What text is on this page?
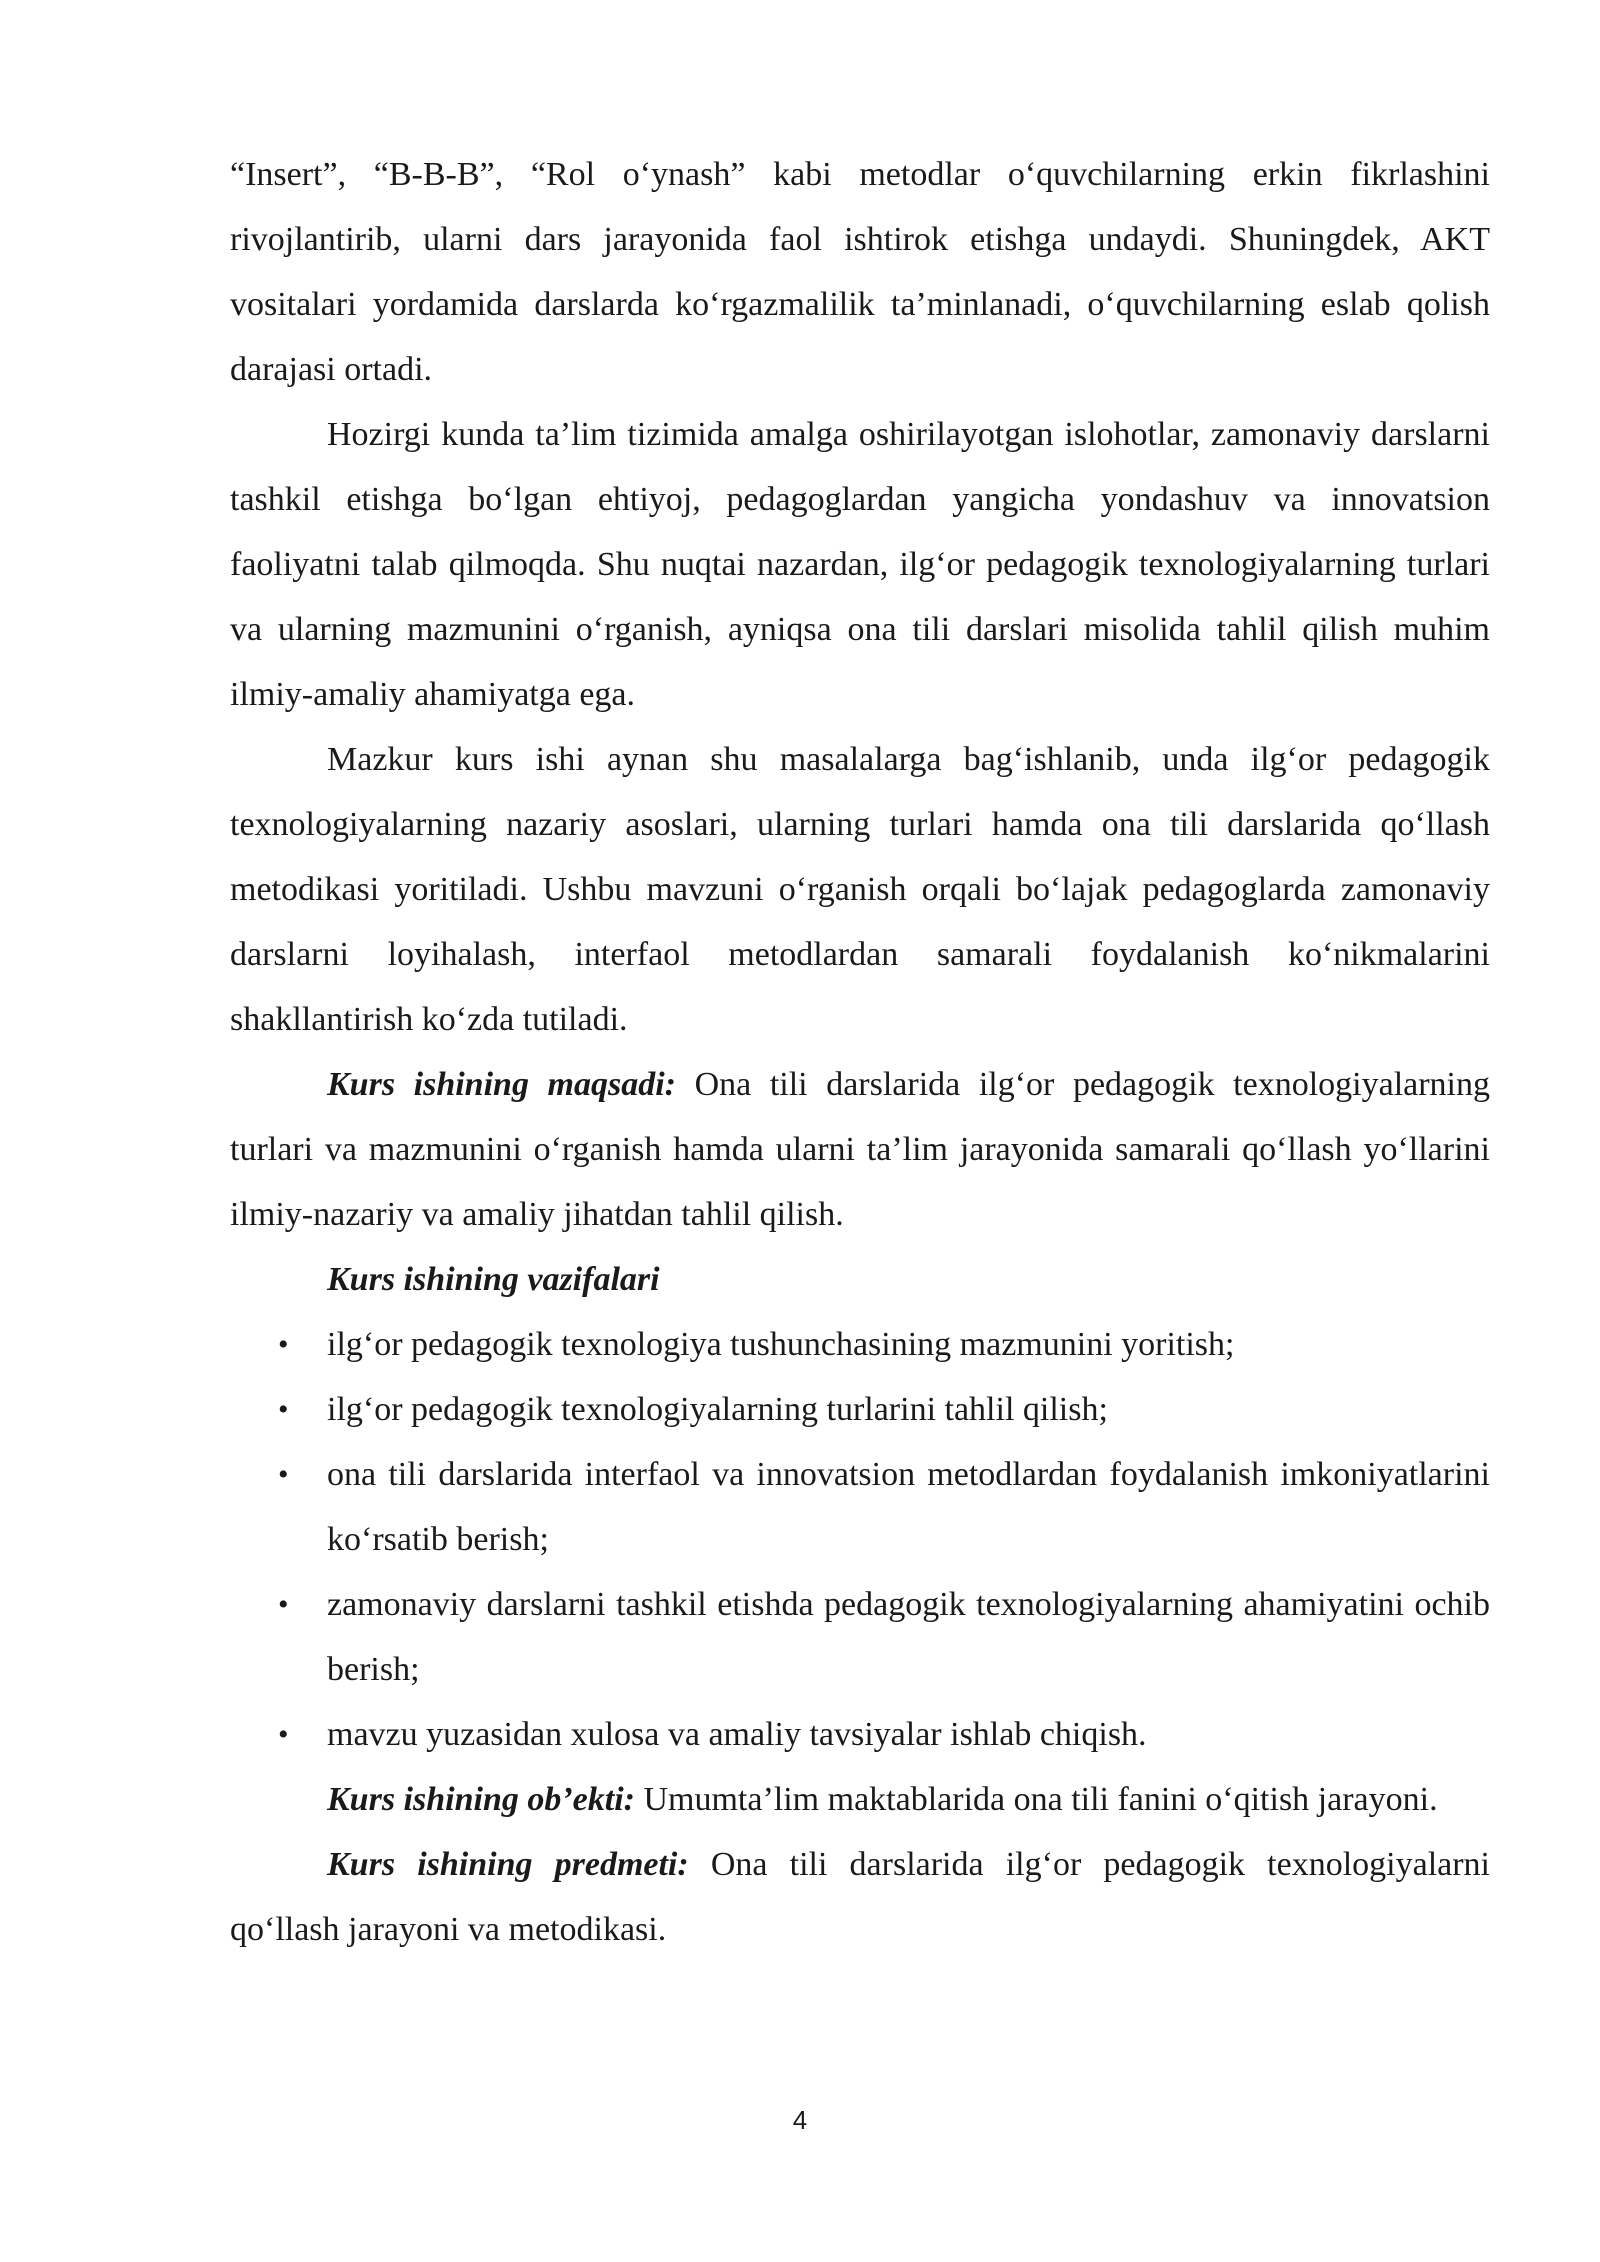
“Insert”, “B-B-B”, “Rol o‘ynash” kabi metodlar o‘quvchilarning erkin fikrlashini rivojlantirib, ularni dars jarayonida faol ishtirok etishga undaydi. Shuningdek, AKT vositalari yordamida darslarda ko‘rgazmalilik ta’minlanadi, o‘quvchilarning eslab qolish darajasi ortadi.

Hozirgi kunda ta’lim tizimida amalga oshirilayotgan islohotlar, zamonaviy darslarni tashkil etishga bo‘lgan ehtiyoj, pedagoglardan yangicha yondashuv va innovatsion faoliyatni talab qilmoqda. Shu nuqtai nazardan, ilg‘or pedagogik texnologiyalarning turlari va ularning mazmunini o‘rganish, ayniqsa ona tili darslari misolida tahlil qilish muhim ilmiy-amaliy ahamiyatga ega.

Mazkur kurs ishi aynan shu masalalarga bag‘ishlanib, unda ilg‘or pedagogik texnologiyalarning nazariy asoslari, ularning turlari hamda ona tili darslarida qo‘llash metodikasi yoritiladi. Ushbu mavzuni o‘rganish orqali bo‘lajak pedagoglarda zamonaviy darslarni loyihalash, interfaol metodlardan samarali foydalanish ko‘nikmalarini shakllantirish ko‘zda tutiladi.

Kurs ishining maqsadi: Ona tili darslarida ilg‘or pedagogik texnologiyalarning turlari va mazmunini o‘rganish hamda ularni ta’lim jarayonida samarali qo‘llash yo‘llarini ilmiy-nazariy va amaliy jihatdan tahlil qilish.

Kurs ishining vazifalari

• ilg‘or pedagogik texnologiya tushunchasining mazmunini yoritish;
• ilg‘or pedagogik texnologiyalarning turlarini tahlil qilish;
• ona tili darslarida interfaol va innovatsion metodlardan foydalanish imkoniyatlarini ko‘rsatib berish;
• zamonaviy darslarni tashkil etishda pedagogik texnologiyalarning ahamiyatini ochib berish;
• mavzu yuzasidan xulosa va amaliy tavsiyalar ishlab chiqish.

Kurs ishining ob’ekti: Umumta’lim maktablarida ona tili fanini o‘qitish jarayoni.

Kurs ishining predmeti: Ona tili darslarida ilg‘or pedagogik texnologiyalarni qo‘llash jarayoni va metodikasi.

4
